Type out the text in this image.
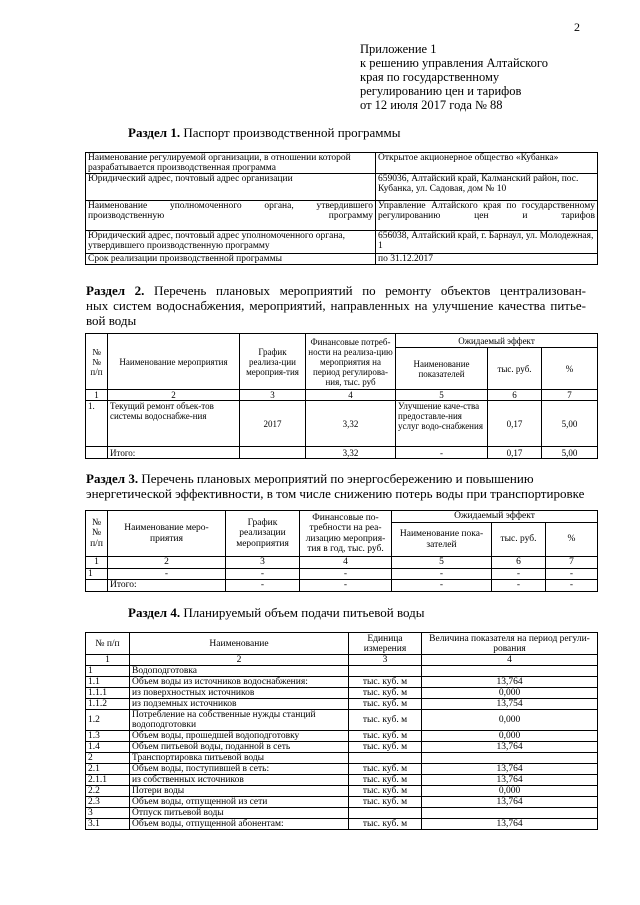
2
Приложение 1
к решению управления Алтайского
края по государственному
регулированию цен и тарифов
от 12 июля 2017 года № 88
Раздел 1. Паспорт производственной программы
Наименование регулируемой организации, в отношении которой разрабатывается производственная программа	Открытое акционерное общество «Кубанка»
Юридический адрес, почтовый адрес организации	659036, Алтайский край, Калманский район, пос. Кубанка, ул. Садовая, дом № 10
Наименование уполномоченного органа, утвердившего производственную программу	Управление Алтайского края по государственному регулированию цен и тарифов
Юридический адрес, почтовый адрес уполномоченного органа, утвердившего производственную программу	656038, Алтайский край, г. Барнаул, ул. Молодежная, 1
Срок реализации производственной программы	по 31.12.2017
Раздел 2. Перечень плановых мероприятий по ремонту объектов централизован-
ных систем водоснабжения, мероприятий, направленных на улучшение качества питье-
вой воды
№№ п/п	Наименование мероприятия	График реализа-ции мероприя-тия	Финансовые потреб-ности на реализа-цию мероприятия на период регулирова-ния, тыс. руб	Ожидаемый эффект		
				Наименование показателей	тыс. руб.	%
1	2	3	4	5	6	7
1.	Текущий ремонт объек-тов системы водоснабже-ния	2017	3,32	Улучшение каче-ства предоставле-ния услуг водо-снабжения	0,17	5,00
	Итого:		3,32	-	0,17	5,00
Раздел 3. Перечень плановых мероприятий по энергосбережению и повышению энергетической эффективности, в том числе снижению потерь воды при транспортировке
№№ п/п	Наименование меро-приятия	График реализации мероприятия	Финансовые по-требности на реа-лизацию мероприя-тия в год, тыс. руб.	Ожидаемый эффект		
				Наименование пока-зателей	тыс. руб.	%
1	2	3	4	5	6	7
1	-	-	-	-	-	-
	Итого:	-	-	-	-	-
Раздел 4. Планируемый объем подачи питьевой воды
№ п/п	Наименование	Единица измерения	Величина показателя на период регули-рования
1	2	3	4
1	Водоподготовка		
1.1	Объем воды из источников водоснабжения:	тыс. куб. м	13,764
1.1.1	из поверхностных источников	тыс. куб. м	0,000
1.1.2	из подземных источников	тыс. куб. м	13,754
1.2	Потребление на собственные нужды станций водоподготовки	тыс. куб. м	0,000
1.3	Объем воды, прошедшей водоподготовку	тыс. куб. м	0,000
1.4	Объем питьевой воды, поданной в сеть	тыс. куб. м	13,764
2	Транспортировка питьевой воды		
2.1	Объем воды, поступившей в сеть:	тыс. куб. м	13,764
2.1.1	из собственных источников	тыс. куб. м	13,764
2.2	Потери воды	тыс. куб. м	0,000
2.3	Объем воды, отпущенной из сети	тыс. куб. м	13,764
3	Отпуск питьевой воды		
3.1	Объем воды, отпущенной абонентам:	тыс. куб. м	13,764
